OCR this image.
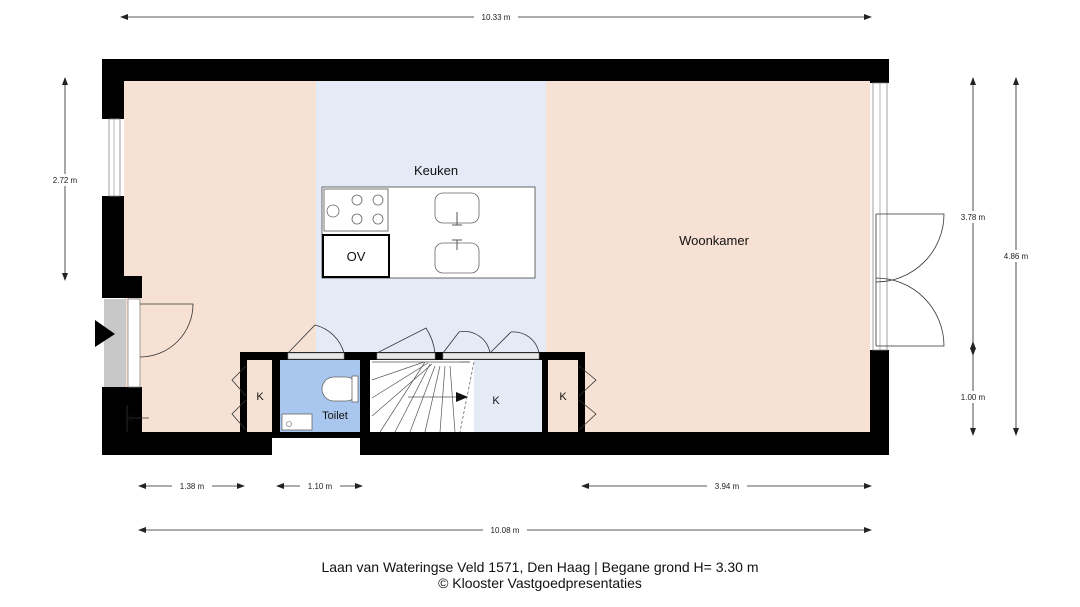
Keuken
Woonkamer
Toilet
OV
K
K
K	K
10.33 m
2.72 m
3.78 m
1.00 m
4.86 m
1.38 m	1.10 m	3.94 m
10.08 m
Laan van Wateringse Veld 1571, Den Haag | Begane grond H= 3.30 m
© Klooster Vastgoedpresentaties
